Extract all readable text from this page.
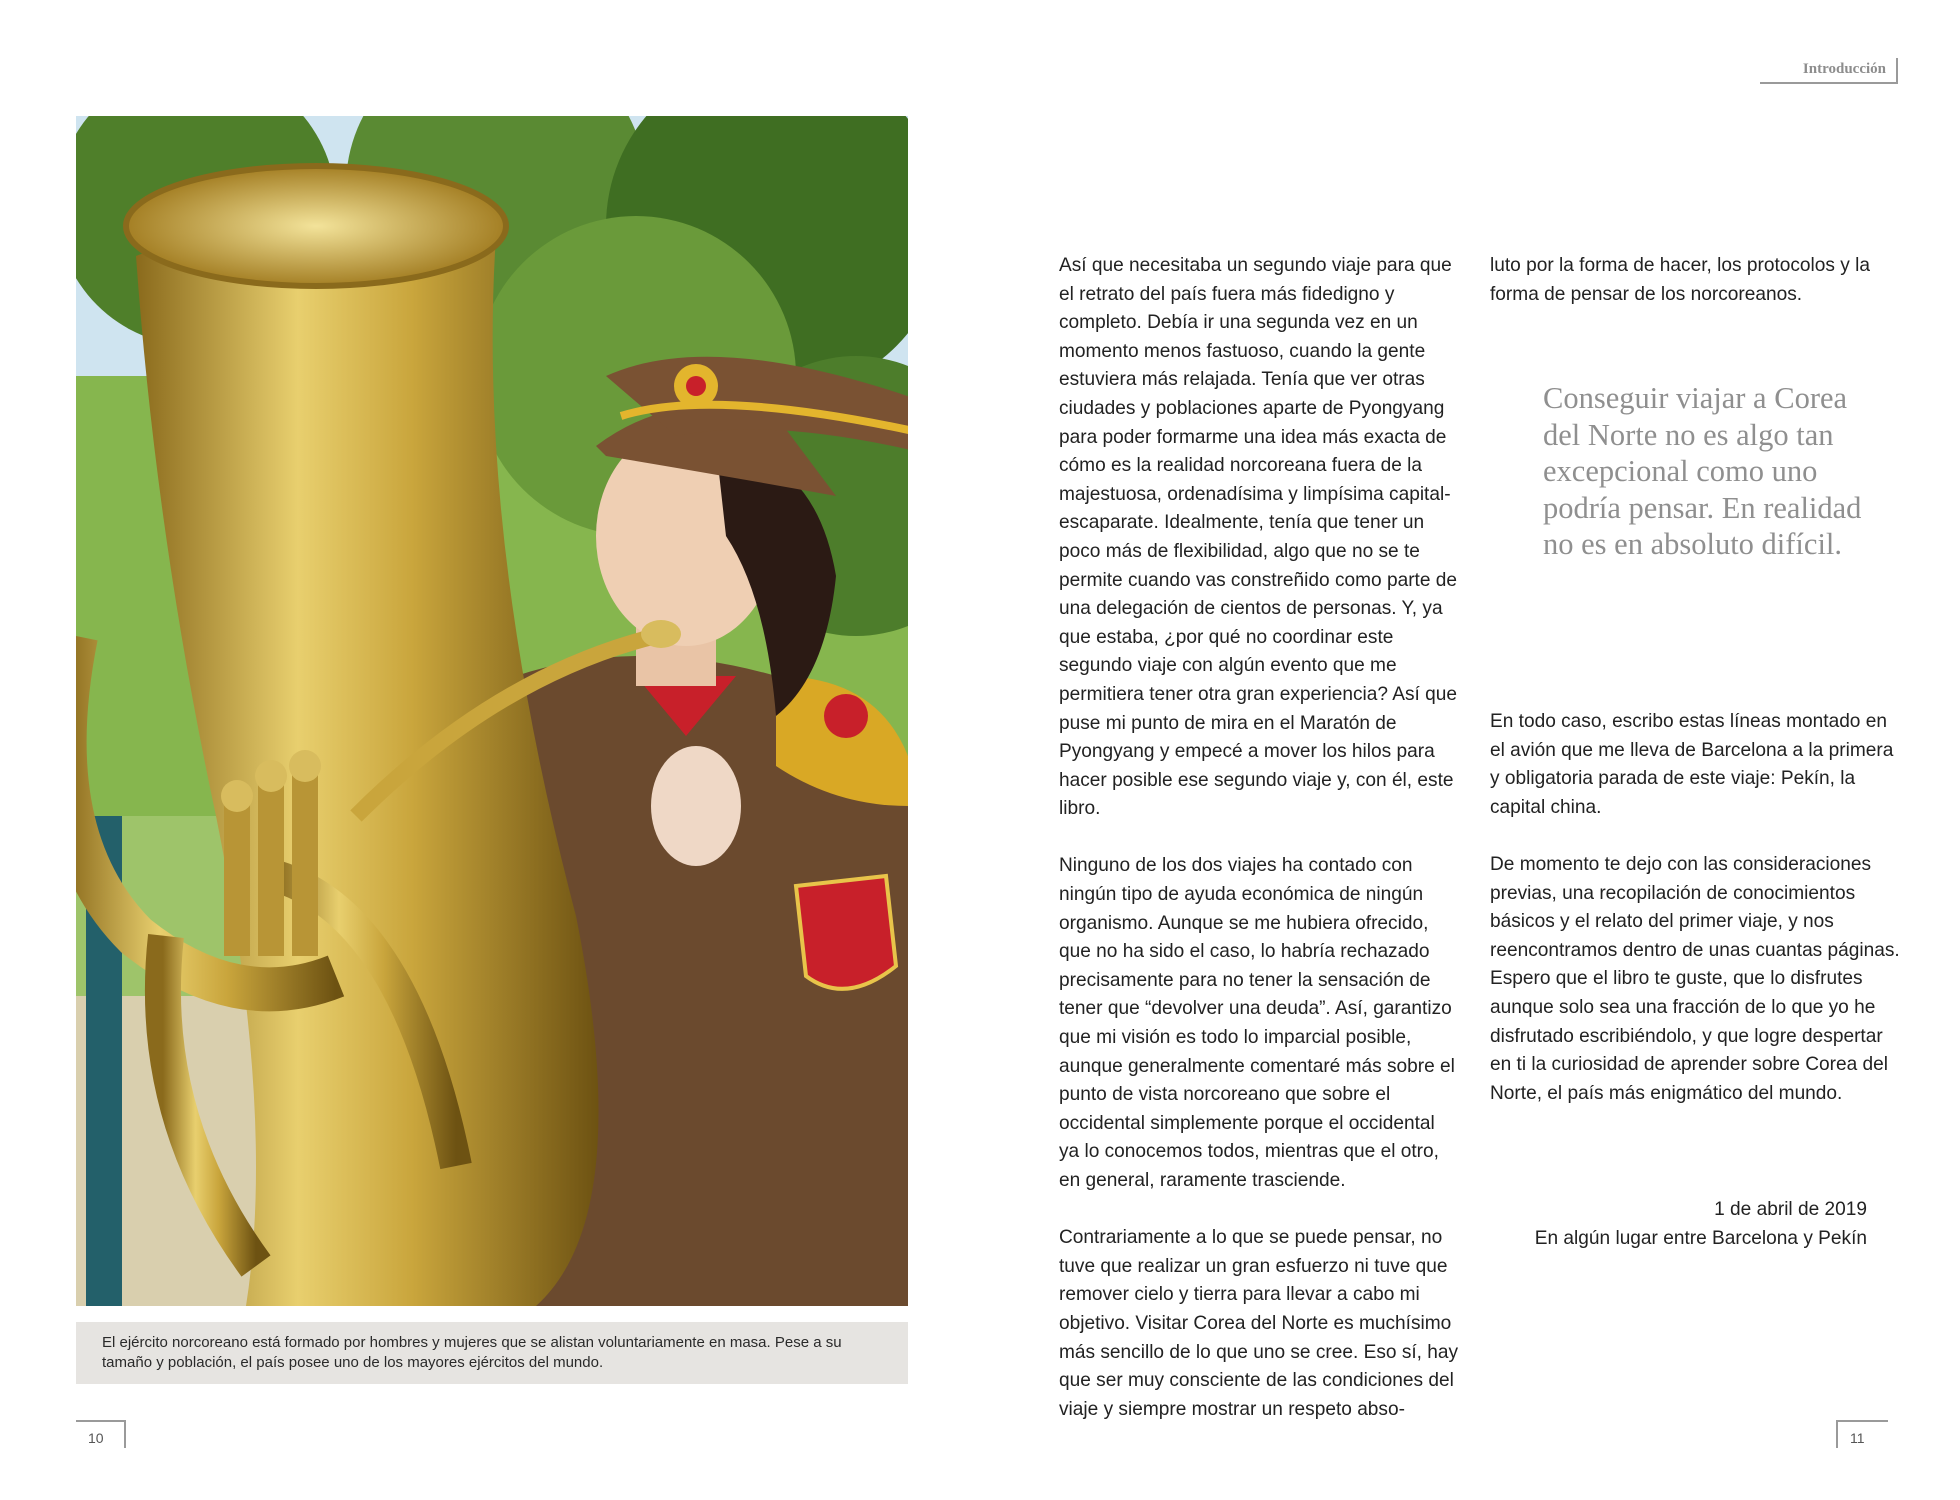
El ejército norcoreano está formado por hombres y mujeres que se alistan voluntariamente en masa. Pese a su
tamaño y población, el país posee uno de los mayores ejércitos del mundo.
10
Introducción

Así que necesitaba un segundo viaje para que el retrato del país fuera más fidedigno y completo. Debía ir una segunda vez en un momento menos fastuoso, cuando la gente estuviera más relajada. Tenía que ver otras ciudades y poblaciones aparte de Pyongyang para poder formarme una idea más exacta de cómo es la realidad norcoreana fuera de la majestuosa, ordenadísima y limpísima capital-escaparate. Idealmente, tenía que tener un poco más de flexibilidad, algo que no se te permite cuando vas constreñido como parte de una delegación de cientos de personas. Y, ya que estaba, ¿por qué no coordinar este segundo viaje con algún evento que me permitiera tener otra gran experiencia? Así que puse mi punto de mira en el Maratón de Pyongyang y empecé a mover los hilos para hacer posible ese segundo viaje y, con él, este libro.

Ninguno de los dos viajes ha contado con ningún tipo de ayuda económica de ningún organismo. Aunque se me hubiera ofrecido, que no ha sido el caso, lo habría rechazado precisamente para no tener la sensación de tener que “devolver una deuda”. Así, garantizo que mi visión es todo lo imparcial posible, aunque generalmente comentaré más sobre el punto de vista norcoreano que sobre el occidental simplemente porque el occidental ya lo conocemos todos, mientras que el otro, en general, raramente trasciende.

Contrariamente a lo que se puede pensar, no tuve que realizar un gran esfuerzo ni tuve que remover cielo y tierra para llevar a cabo mi objetivo. Visitar Corea del Norte es muchísimo más sencillo de lo que uno se cree. Eso sí, hay que ser muy consciente de las condiciones del viaje y siempre mostrar un respeto abso-

luto por la forma de hacer, los protocolos y la forma de pensar de los norcoreanos.

Conseguir viajar a Corea del Norte no es algo tan excepcional como uno podría pensar. En realidad no es en absoluto difícil.

En todo caso, escribo estas líneas montado en el avión que me lleva de Barcelona a la primera y obligatoria parada de este viaje: Pekín, la capital china.

De momento te dejo con las consideraciones previas, una recopilación de conocimientos básicos y el relato del primer viaje, y nos reencontramos dentro de unas cuantas páginas. Espero que el libro te guste, que lo disfrutes aunque solo sea una fracción de lo que yo he disfrutado escribiéndolo, y que logre despertar en ti la curiosidad de aprender sobre Corea del Norte, el país más enigmático del mundo.

1 de abril de 2019
En algún lugar entre Barcelona y Pekín
11
